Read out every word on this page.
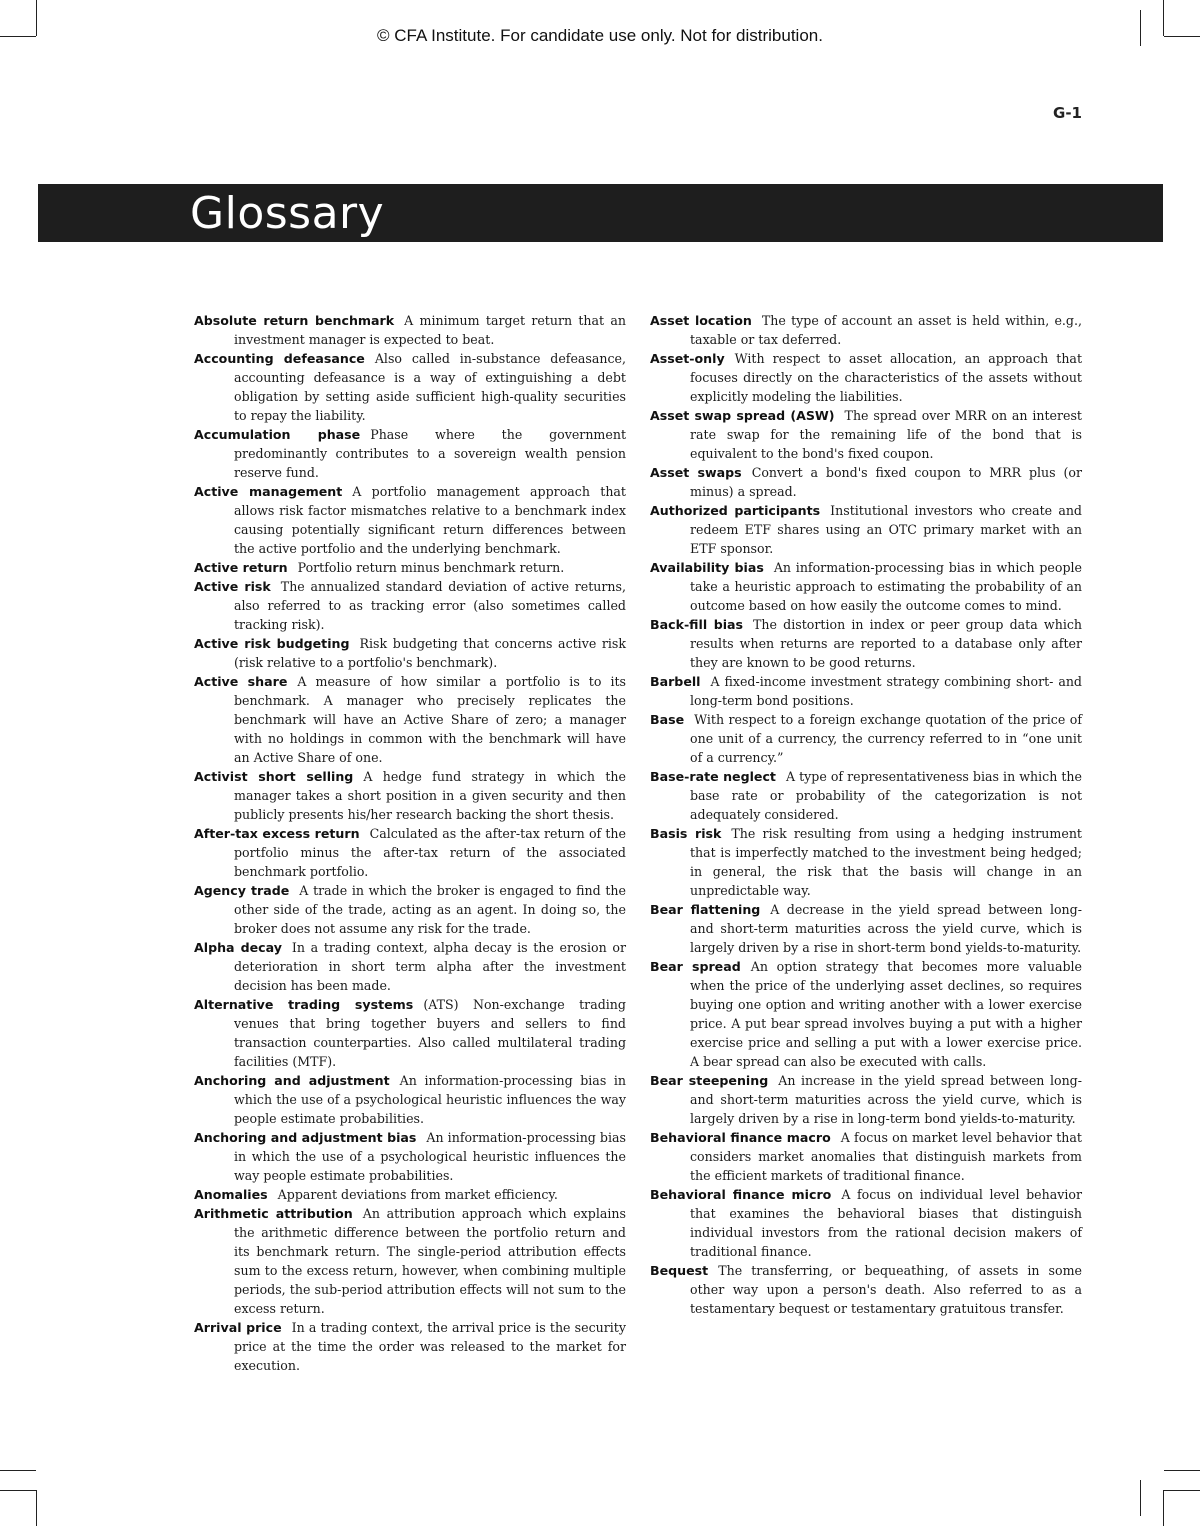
© CFA Institute. For candidate use only. Not for distribution.
G-1
Glossary

Absolute return benchmark A minimum target return that an investment manager is expected to beat.

Accounting defeasance Also called in-substance defeasance, accounting defeasance is a way of extinguishing a debt obligation by setting aside sufficient high-quality securities to repay the liability.

Accumulation phase Phase where the government predominantly contributes to a sovereign wealth pension reserve fund.

Active management A portfolio management approach that allows risk factor mismatches relative to a benchmark index causing potentially significant return differences between the active portfolio and the underlying benchmark.

Active return Portfolio return minus benchmark return.

Active risk The annualized standard deviation of active returns, also referred to as tracking error (also sometimes called tracking risk).

Active risk budgeting Risk budgeting that concerns active risk (risk relative to a portfolio's benchmark).

Active share A measure of how similar a portfolio is to its benchmark. A manager who precisely replicates the benchmark will have an Active Share of zero; a manager with no holdings in common with the benchmark will have an Active Share of one.

Activist short selling A hedge fund strategy in which the manager takes a short position in a given security and then publicly presents his/her research backing the short thesis.

After-tax excess return Calculated as the after-tax return of the portfolio minus the after-tax return of the associated benchmark portfolio.

Agency trade A trade in which the broker is engaged to find the other side of the trade, acting as an agent. In doing so, the broker does not assume any risk for the trade.

Alpha decay In a trading context, alpha decay is the erosion or deterioration in short term alpha after the investment decision has been made.

Alternative trading systems (ATS) Non-exchange trading venues that bring together buyers and sellers to find transaction counterparties. Also called multilateral trading facilities (MTF).

Anchoring and adjustment An information-processing bias in which the use of a psychological heuristic influences the way people estimate probabilities.

Anchoring and adjustment bias An information-processing bias in which the use of a psychological heuristic influences the way people estimate probabilities.

Anomalies Apparent deviations from market efficiency.

Arithmetic attribution An attribution approach which explains the arithmetic difference between the portfolio return and its benchmark return. The single-period attribution effects sum to the excess return, however, when combining multiple periods, the sub-period attribution effects will not sum to the excess return.

Arrival price In a trading context, the arrival price is the security price at the time the order was released to the market for execution.

Asset location The type of account an asset is held within, e.g., taxable or tax deferred.

Asset-only With respect to asset allocation, an approach that focuses directly on the characteristics of the assets without explicitly modeling the liabilities.

Asset swap spread (ASW) The spread over MRR on an interest rate swap for the remaining life of the bond that is equivalent to the bond's fixed coupon.

Asset swaps Convert a bond's fixed coupon to MRR plus (or minus) a spread.

Authorized participants Institutional investors who create and redeem ETF shares using an OTC primary market with an ETF sponsor.

Availability bias An information-processing bias in which people take a heuristic approach to estimating the probability of an outcome based on how easily the outcome comes to mind.

Back-fill bias The distortion in index or peer group data which results when returns are reported to a database only after they are known to be good returns.

Barbell A fixed-income investment strategy combining short- and long-term bond positions.

Base With respect to a foreign exchange quotation of the price of one unit of a currency, the currency referred to in “one unit of a currency.”

Base-rate neglect A type of representativeness bias in which the base rate or probability of the categorization is not adequately considered.

Basis risk The risk resulting from using a hedging instrument that is imperfectly matched to the investment being hedged; in general, the risk that the basis will change in an unpredictable way.

Bear flattening A decrease in the yield spread between long- and short-term maturities across the yield curve, which is largely driven by a rise in short-term bond yields-to-maturity.

Bear spread An option strategy that becomes more valuable when the price of the underlying asset declines, so requires buying one option and writing another with a lower exercise price. A put bear spread involves buying a put with a higher exercise price and selling a put with a lower exercise price. A bear spread can also be executed with calls.

Bear steepening An increase in the yield spread between long- and short-term maturities across the yield curve, which is largely driven by a rise in long-term bond yields-to-maturity.

Behavioral finance macro A focus on market level behavior that considers market anomalies that distinguish markets from the efficient markets of traditional finance.

Behavioral finance micro A focus on individual level behavior that examines the behavioral biases that distinguish individual investors from the rational decision makers of traditional finance.

Bequest The transferring, or bequeathing, of assets in some other way upon a person's death. Also referred to as a testamentary bequest or testamentary gratuitous transfer.
